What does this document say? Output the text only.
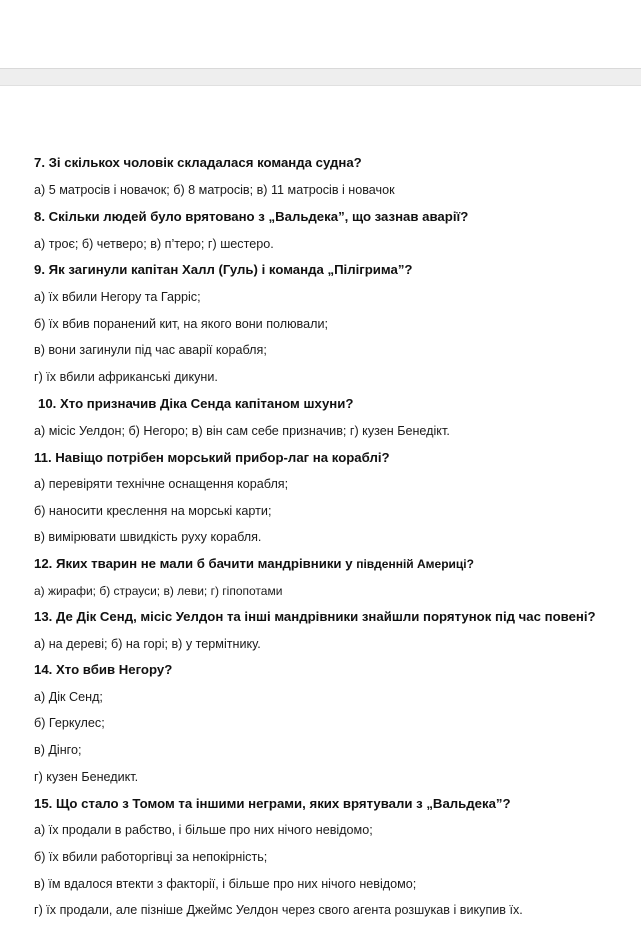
7. Зі скількох чоловік складалася команда судна?
а) 5 матросів і новачок; б) 8 матросів; в) 11 матросів і новачок
8. Скільки людей було врятовано з „Вальдека”, що зазнав аварії?
а) троє; б) четверо; в) п’теро; г) шестеро.
9. Як загинули капітан Халл (Гуль) і команда „Пілігрима”?
а) їх вбили Негору та Гарріс;
б) їх вбив поранений кит, на якого вони полювали;
в) вони загинули під час аварії корабля;
г) їх вбили африканські дикуни.
10. Хто призначив Діка Сенда капітаном шхуни?
а) місіс Уелдон; б) Негоро; в) він сам себе призначив; г) кузен Бенедікт.
11. Навіщо потрібен морський прибор-лаг на кораблі?
а) перевіряти технічне оснащення корабля;
б) наносити креслення на морські карти;
в) вимірювати швидкість руху корабля.
12. Яких тварин не мали б бачити мандрівники у південній Америці?
а) жирафи; б) страуси; в) леви; г) гіпопотами
13. Де Дік Сенд, місіс Уелдон та інші мандрівники знайшли порятунок під час повені?
а) на дереві; б) на горі; в) у термітнику.
14. Хто вбив Негору?
а) Дік Сенд;
б) Геркулес;
в) Дінго;
г) кузен Бенедикт.
15. Що стало з Томом та іншими неграми, яких врятували з „Вальдека”?
а) їх продали в рабство, і більше про них нічого невідомо;
б) їх вбили работоргівці за непокірність;
в) їм вдалося втекти з факторії, і більше про них нічого невідомо;
г) їх продали, але пізніше Джеймс Уелдон через свого агента розшукав і викупив їх.
